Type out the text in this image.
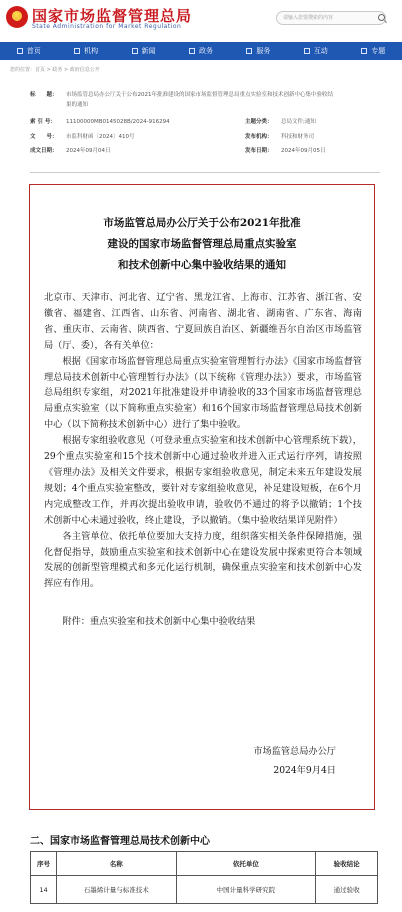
★ 国家市场监督管理总局
State Administration for Market Regulation
请输入您要搜索的内容
首页	机构	新闻	政务	服务	互动	专题
您的位置：首页 > 政务 > 政府信息公开
标　　题： 市场监管总局办公厅关于公布2021年批准建设的国家市场监督管理总局重点实验室和技术创新中心集中验收结
果的通知
索 引 号： 11100000MB0145028B/2024-916294	主题分类： 总局文件;通知
文　　号： 市监科财函〔2024〕410号	发布机构： 科技和财务司
成文日期： 2024年09月04日	发布日期： 2024年09月05日
市场监管总局办公厅关于公布2021年批准
建设的国家市场监督管理总局重点实验室
和技术创新中心集中验收结果的通知

北京市、天津市、河北省、辽宁省、黑龙江省、上海市、江苏省、浙江省、安徽省、福建省、江西省、山东省、河南省、湖北省、湖南省、广东省、海南省、重庆市、云南省、陕西省、宁夏回族自治区、新疆维吾尔自治区市场监管局（厅、委），各有关单位：

根据《国家市场监督管理总局重点实验室管理暂行办法》《国家市场监督管理总局技术创新中心管理暂行办法》（以下统称《管理办法》）要求，市场监管总局组织专家组，对2021年批准建设并申请验收的33个国家市场监督管理总局重点实验室（以下简称重点实验室）和16个国家市场监督管理总局技术创新中心（以下简称技术创新中心）进行了集中验收。

根据专家组验收意见（可登录重点实验室和技术创新中心管理系统下载），29个重点实验室和15个技术创新中心通过验收并进入正式运行序列，请按照《管理办法》及相关文件要求，根据专家组验收意见，制定未来五年建设发展规划；4个重点实验室整改，要针对专家组验收意见，补足建设短板，在6个月内完成整改工作，并再次提出验收申请，验收仍不通过的将予以撤销；1个技术创新中心未通过验收，终止建设，予以撤销。（集中验收结果详见附件）

各主管单位、依托单位要加大支持力度，组织落实相关条件保障措施，强化督促指导，鼓励重点实验室和技术创新中心在建设发展中探索更符合本领域发展的创新型管理模式和多元化运行机制，确保重点实验室和技术创新中心发挥应有作用。

附件：重点实验室和技术创新中心集中验收结果

市场监管总局办公厅
2024年9月4日
二、国家市场监督管理总局技术创新中心
序号	名称	依托单位	验收结论
14	石墨烯计量与标准技术	中国计量科学研究院	通过验收
